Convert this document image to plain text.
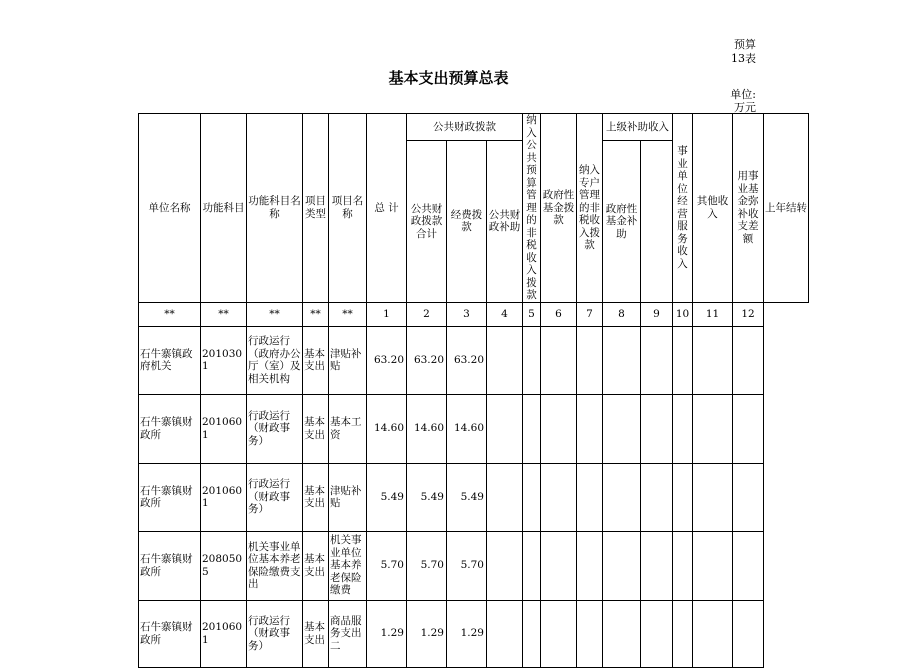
预算
13表
基本支出预算总表
单位:
万元
单位名称	功能科目	功能科目名称	项目类型	项目名称	总 计	公共财政拨款			纳入公共预算管理的非税收入拨款	政府性基金拨款	纳入专户管理的非税收入拨款	上级补助收入		事业单位经营服务收入	其他收入	用事业基金弥补收支差额	上年结转
						公共财政拨款合计	经费拨款	公共财政补助				政府性基金补助					

**	**	**	**	**	1	2	3	4	5	6	7	8	9	10	11	12	
石牛寨镇政府机关	2010301	行政运行（政府办公厅（室）及相关机构	基本支出	津贴补贴	63.20	63.20	63.20										
石牛寨镇财政所	2010601	行政运行（财政事务）	基本支出	基本工资	14.60	14.60	14.60										
石牛寨镇财政所	2010601	行政运行（财政事务）	基本支出	津贴补贴	5.49	5.49	5.49										
石牛寨镇财政所	2080505	机关事业单位基本养老保险缴费支出	基本支出	机关事业单位基本养老保险缴费	5.70	5.70	5.70										
石牛寨镇财政所	2010601	行政运行（财政事务）	基本支出	商品服务支出二	1.29	1.29	1.29										
